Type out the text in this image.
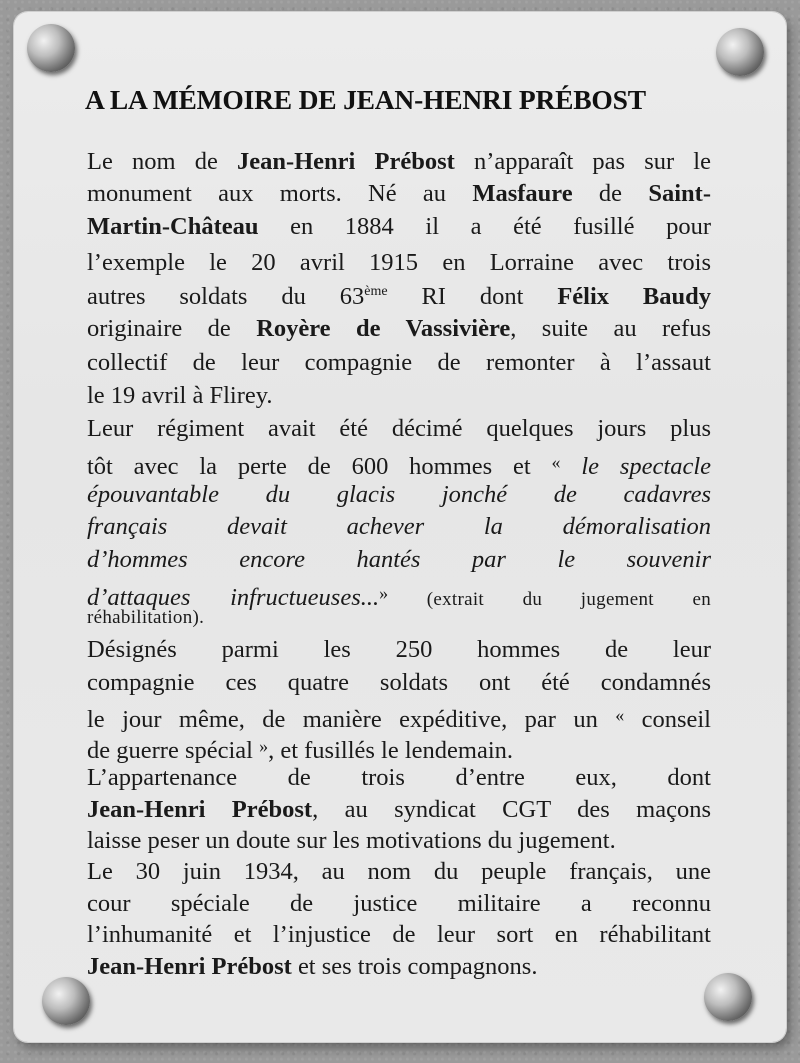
A LA MÉMOIRE DE JEAN-HENRI PRÉBOST
Le nom de Jean-Henri Prébost n’apparaît pas sur le
monument aux morts. Né au Masfaure de Saint-
Martin-Château en 1884 il a été fusillé pour
l’exemple le 20 avril 1915 en Lorraine avec trois
autres soldats du 63ème RI dont Félix Baudy
originaire de Royère de Vassivière, suite au refus
collectif de leur compagnie de remonter à l’assaut
le 19 avril à Flirey.
Leur régiment avait été décimé quelques jours plus
tôt avec la perte de 600 hommes et « le spectacle
épouvantable du glacis jonché de cadavres
français devait achever la démoralisation
d’hommes encore hantés par le souvenir
d’attaques infructueuses...» (extrait du jugement en
réhabilitation).
Désignés parmi les 250 hommes de leur
compagnie ces quatre soldats ont été condamnés
le jour même, de manière expéditive, par un « conseil
de guerre spécial », et fusillés le lendemain.
L’appartenance de trois d’entre eux, dont
Jean-Henri Prébost, au syndicat CGT des maçons
laisse peser un doute sur les motivations du jugement.
Le 30 juin 1934, au nom du peuple français, une
cour spéciale de justice militaire a reconnu
l’inhumanité et l’injustice de leur sort en réhabilitant
Jean-Henri Prébost et ses trois compagnons.
